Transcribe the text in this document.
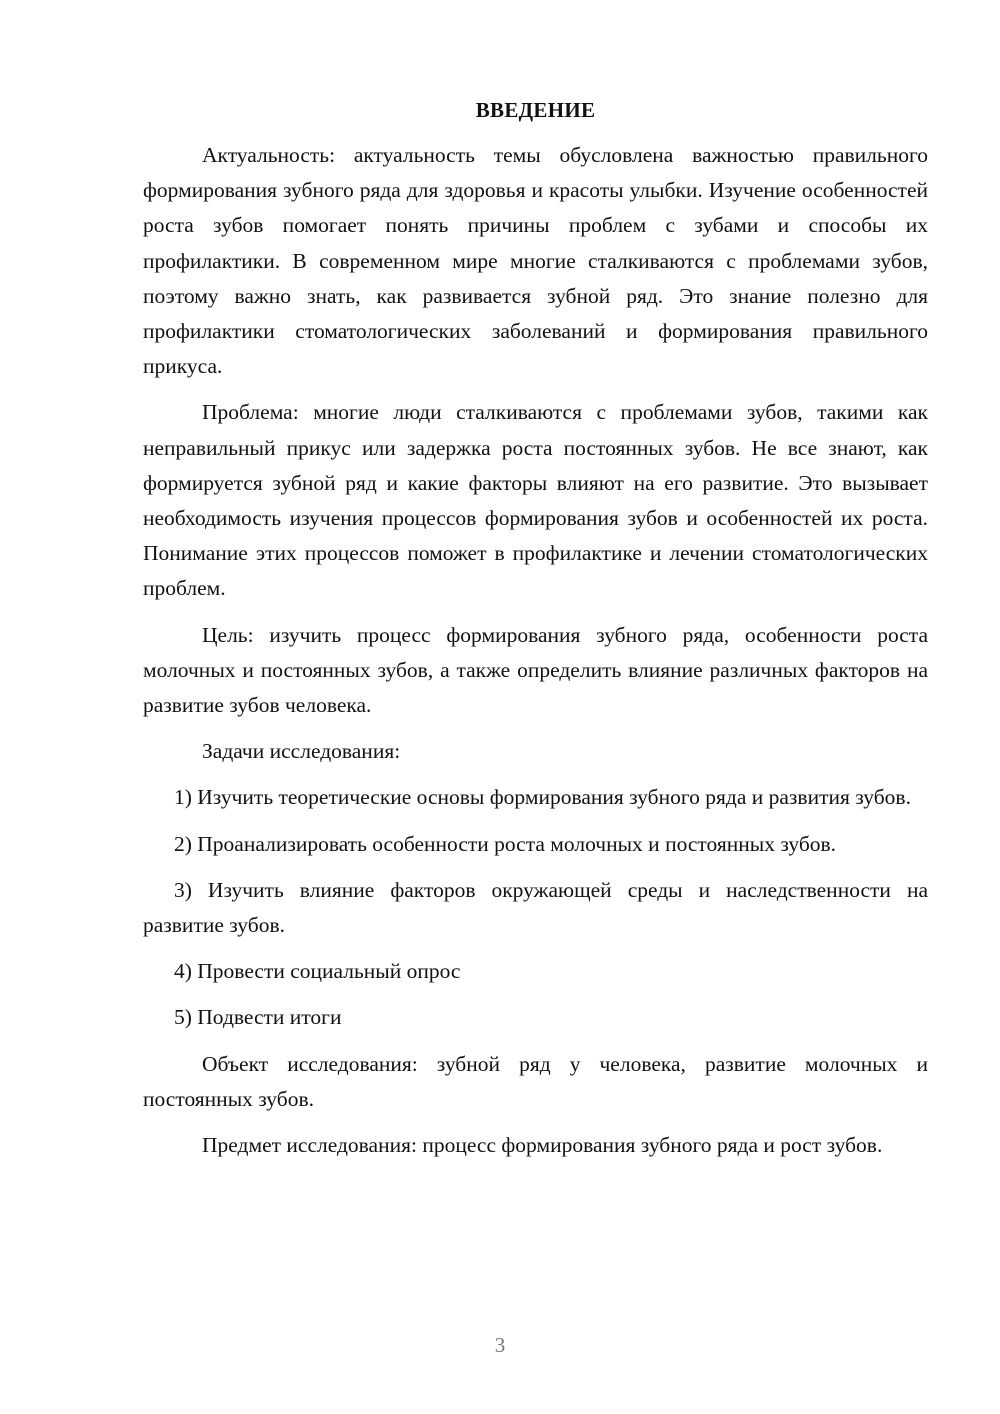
ВВЕДЕНИЕ

Актуальность: актуальность темы обусловлена важностью правильного формирования зубного ряда для здоровья и красоты улыбки. Изучение особенностей роста зубов помогает понять причины проблем с зубами и способы их профилактики. В современном мире многие сталкиваются с проблемами зубов, поэтому важно знать, как развивается зубной ряд. Это знание полезно для профилактики стоматологических заболеваний и формирования правильного прикуса.

Проблема: многие люди сталкиваются с проблемами зубов, такими как неправильный прикус или задержка роста постоянных зубов. Не все знают, как формируется зубной ряд и какие факторы влияют на его развитие. Это вызывает необходимость изучения процессов формирования зубов и особенностей их роста. Понимание этих процессов поможет в профилактике и лечении стоматологических проблем.

Цель: изучить процесс формирования зубного ряда, особенности роста молочных и постоянных зубов, а также определить влияние различных факторов на развитие зубов человека.

Задачи исследования:

1) Изучить теоретические основы формирования зубного ряда и развития зубов.

2) Проанализировать особенности роста молочных и постоянных зубов.

3) Изучить влияние факторов окружающей среды и наследственности на развитие зубов.

4) Провести социальный опрос

5) Подвести итоги

Объект исследования: зубной ряд у человека, развитие молочных и постоянных зубов.

Предмет исследования: процесс формирования зубного ряда и рост зубов.

3
